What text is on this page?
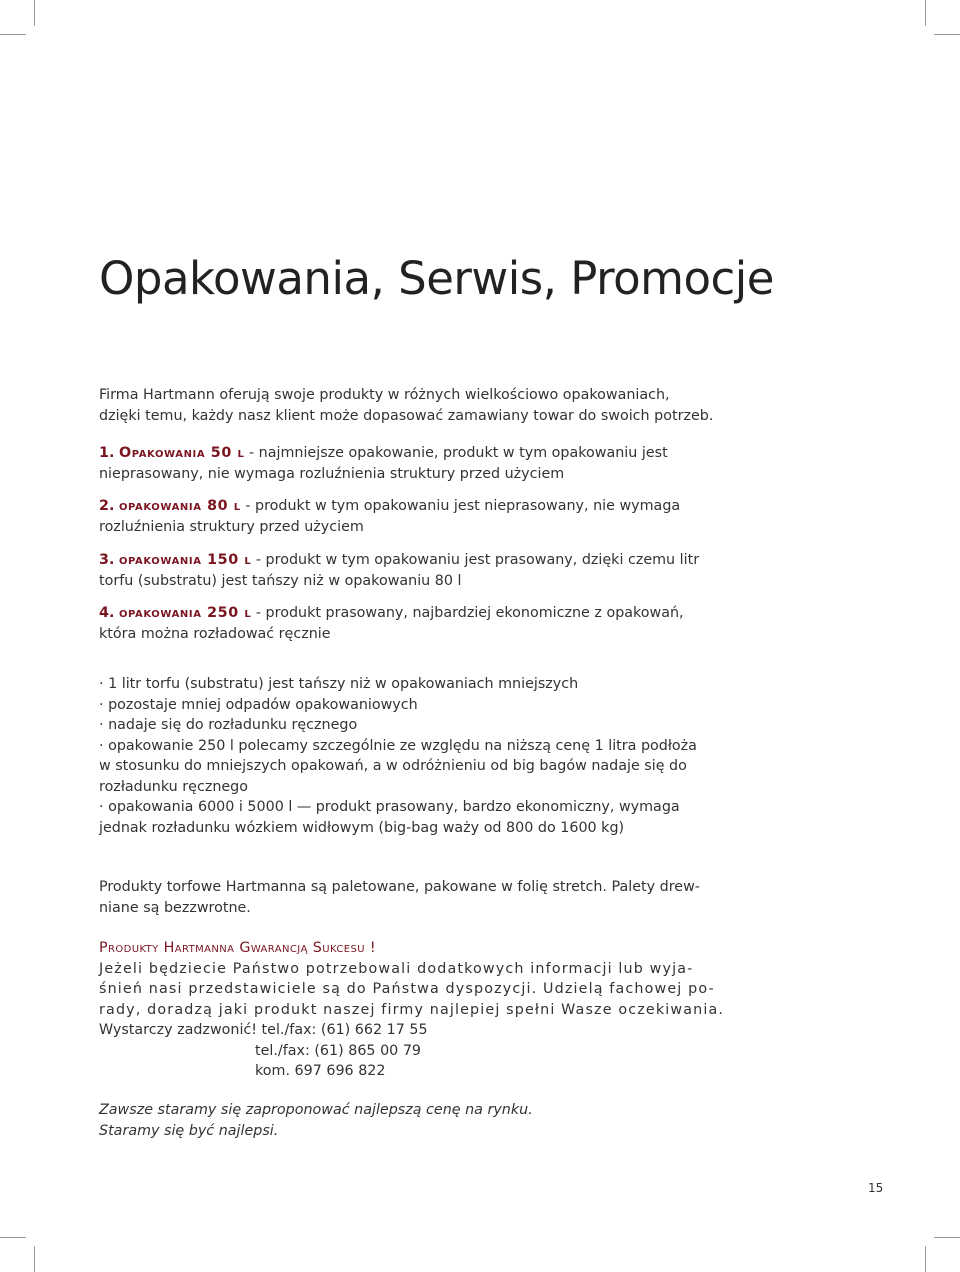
Opakowania, Serwis, Promocje
Firma Hartmann oferują swoje produkty w różnych wielkościowo opakowaniach,
dzięki temu, każdy nasz klient może dopasować zamawiany towar do swoich potrzeb.
1. Opakowania 50 l - najmniejsze opakowanie, produkt w tym opakowaniu jest
nieprasowany, nie wymaga rozluźnienia struktury przed użyciem
2. opakowania 80 l - produkt w tym opakowaniu jest nieprasowany, nie wymaga
rozluźnienia struktury przed użyciem
3. opakowania 150 l - produkt w tym opakowaniu jest prasowany, dzięki czemu litr
torfu (substratu) jest tańszy niż w opakowaniu 80 l
4. opakowania 250 l - produkt prasowany, najbardziej ekonomiczne z opakowań,
która można rozładować ręcznie
· 1 litr torfu (substratu) jest tańszy niż w opakowaniach mniejszych
· pozostaje mniej odpadów opakowaniowych
· nadaje się do rozładunku ręcznego
· opakowanie 250 l polecamy szczególnie ze względu na niższą cenę 1 litra podłoża
w stosunku do mniejszych opakowań, a w odróżnieniu od big bagów nadaje się do
rozładunku ręcznego
· opakowania 6000 i 5000 l — produkt prasowany, bardzo ekonomiczny, wymaga
jednak rozładunku wózkiem widłowym (big-bag waży od 800 do 1600 kg)
Produkty torfowe Hartmanna są paletowane, pakowane w folię stretch. Palety drew-
niane są bezzwrotne.
Produkty Hartmanna Gwarancją Sukcesu !
Jeżeli będziecie Państwo potrzebowali dodatkowych informacji lub wyja-
śnień nasi przedstawiciele są do Państwa dyspozycji. Udzielą fachowej po-
rady, doradzą jaki produkt naszej firmy najlepiej spełni Wasze oczekiwania.
Wystarczy zadzwonić! tel./fax: (61) 662 17 55
tel./fax: (61) 865 00 79
kom. 697 696 822
Zawsze staramy się zaproponować najlepszą cenę na rynku.
Staramy się być najlepsi.
15
